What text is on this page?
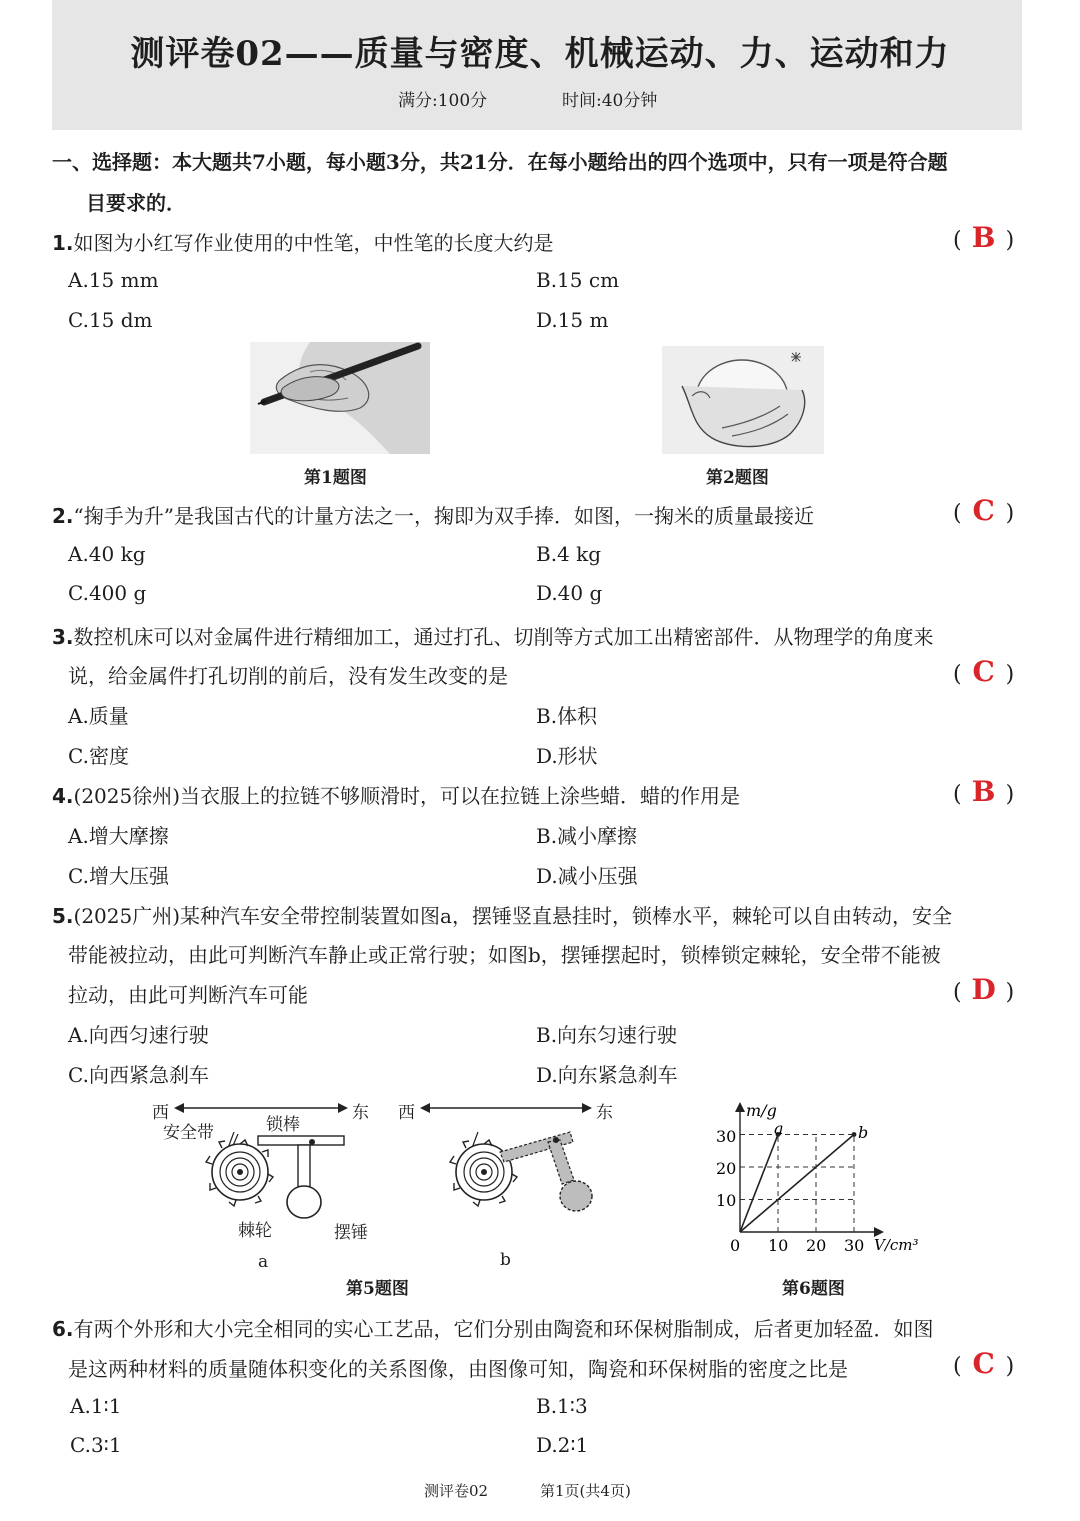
测评卷02——质量与密度、机械运动、力、运动和力
满分:100分	时间:40分钟
一、选择题：本大题共7小题，每小题3分，共21分．在每小题给出的四个选项中，只有一项是符合题
目要求的．
1.如图为小红写作业使用的中性笔，中性笔的长度大约是	( B )
A.15 mm	B.15 cm
C.15 dm	D.15 m
第1题图	第2题图
2.“掬手为升”是我国古代的计量方法之一，掬即为双手捧．如图，一掬米的质量最接近	( C )
A.40 kg	B.4 kg
C.400 g	D.40 g
3.数控机床可以对金属件进行精细加工，通过打孔、切削等方式加工出精密部件．从物理学的角度来
说，给金属件打孔切削的前后，没有发生改变的是	( C )
A.质量	B.体积
C.密度	D.形状
4.(2025徐州)当衣服上的拉链不够顺滑时，可以在拉链上涂些蜡．蜡的作用是	( B )
A.增大摩擦	B.减小摩擦
C.增大压强	D.减小压强
5.(2025广州)某种汽车安全带控制装置如图a，摆锤竖直悬挂时，锁棒水平，棘轮可以自由转动，安全
带能被拉动，由此可判断汽车静止或正常行驶；如图b，摆锤摆起时，锁棒锁定棘轮，安全带不能被
拉动，由此可判断汽车可能	( D )
A.向西匀速行驶	B.向东匀速行驶
C.向西紧急刹车	D.向东紧急刹车
西	东
安全带	锁棒
棘轮	摆锤
a
西	东
b
第5题图
m/g
V/cm³
0 10 20 30
10
20
30 a	b
第6题图
6.有两个外形和大小完全相同的实心工艺品，它们分别由陶瓷和环保树脂制成，后者更加轻盈．如图
是这两种材料的质量随体积变化的关系图像，由图像可知，陶瓷和环保树脂的密度之比是	( C )
A.1∶1	B.1∶3
C.3∶1	D.2∶1
测评卷02	第1页(共4页)
